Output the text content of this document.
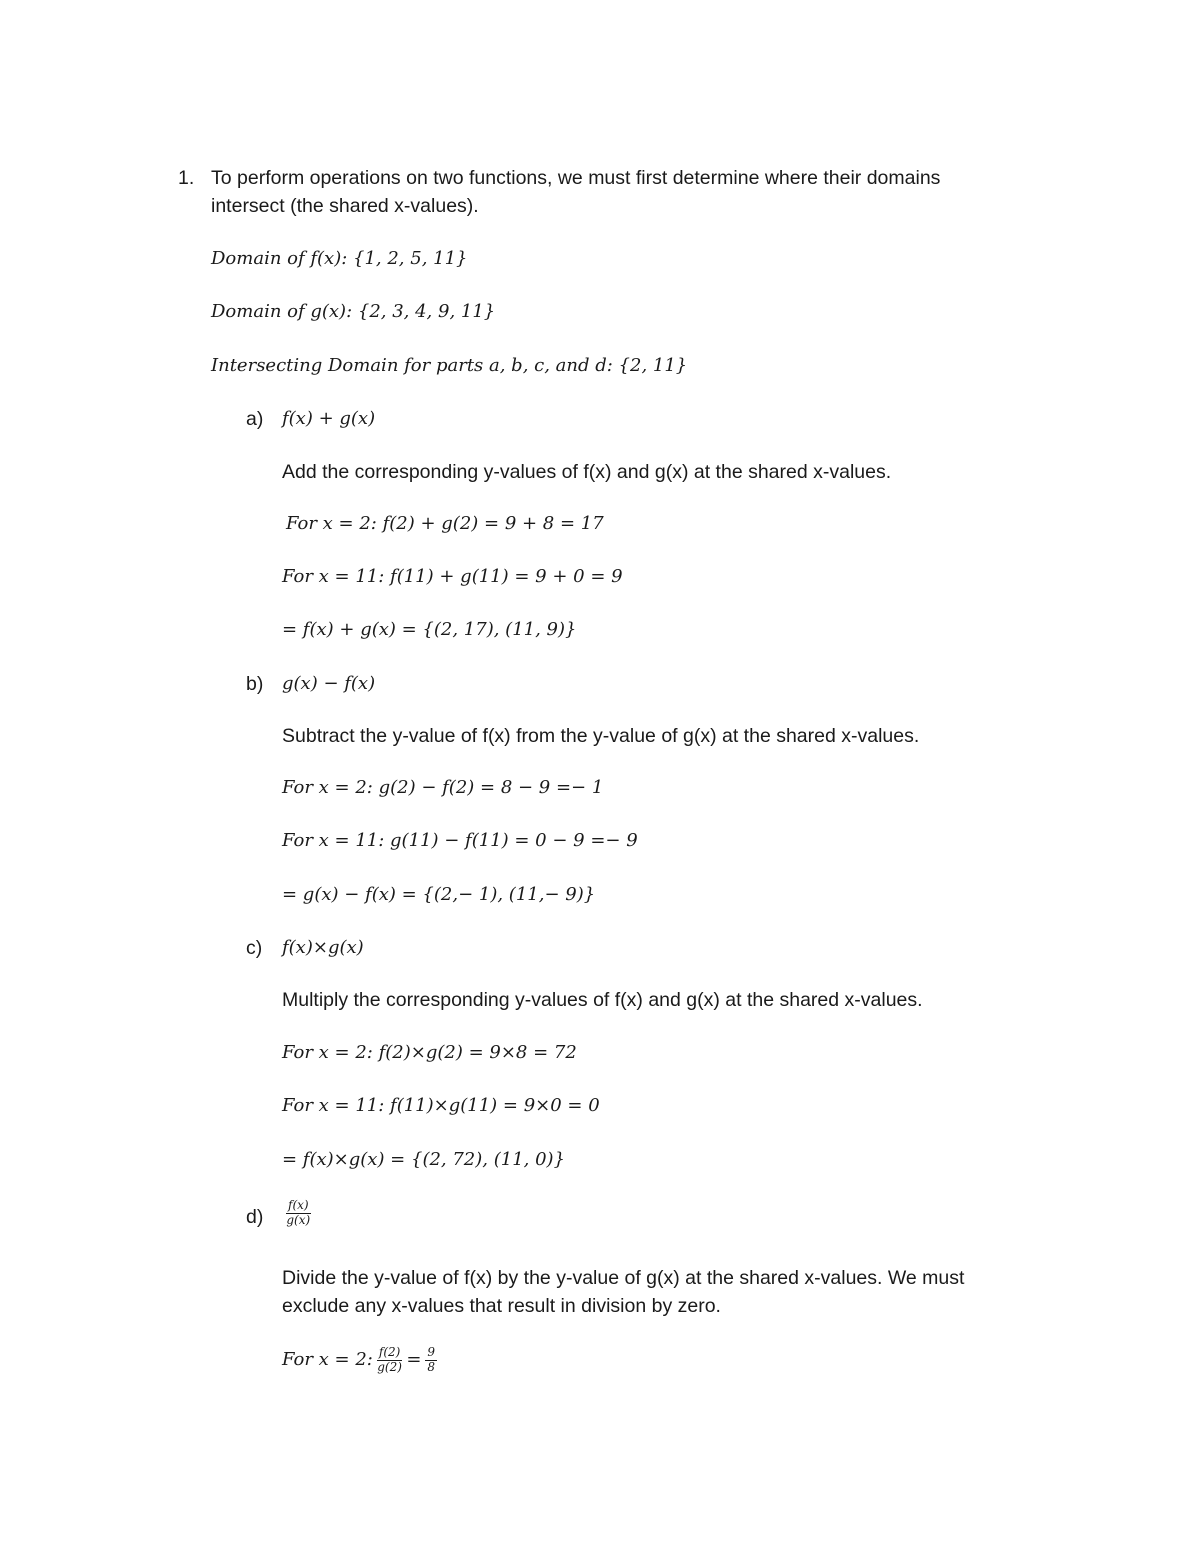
1. To perform operations on two functions, we must first determine where their domains
intersect (the shared x-values).
Domain of f(x): {1, 2, 5, 11}
Domain of g(x): {2, 3, 4, 9, 11}
Intersecting Domain for parts a, b, c, and d: {2, 11}
a) f(x) + g(x)
Add the corresponding y-values of f(x) and g(x) at the shared x-values.
For x = 2: f(2) + g(2) = 9 + 8 = 17
For x = 11: f(11) + g(11) = 9 + 0 = 9
= f(x) + g(x) = {(2, 17), (11, 9)}
b) g(x) − f(x)
Subtract the y-value of f(x) from the y-value of g(x) at the shared x-values.
For x = 2: g(2) − f(2) = 8 − 9 =− 1
For x = 11: g(11) − f(11) = 0 − 9 =− 9
= g(x) − f(x) = {(2,− 1), (11,− 9)}
c) f(x)×g(x)
Multiply the corresponding y-values of f(x) and g(x) at the shared x-values.
For x = 2: f(2)×g(2) = 9×8 = 72
For x = 11: f(11)×g(11) = 9×0 = 0
= f(x)×g(x) = {(2, 72), (11, 0)}
$d) \frac{f(x)}{g(x)}$
Divide the y-value of f(x) by the y-value of g(x) at the shared x-values. We must
exclude any x-values that result in division by zero.
For x = 2: $\frac{f(2)}{g(2)} = \frac{9}{8}$
